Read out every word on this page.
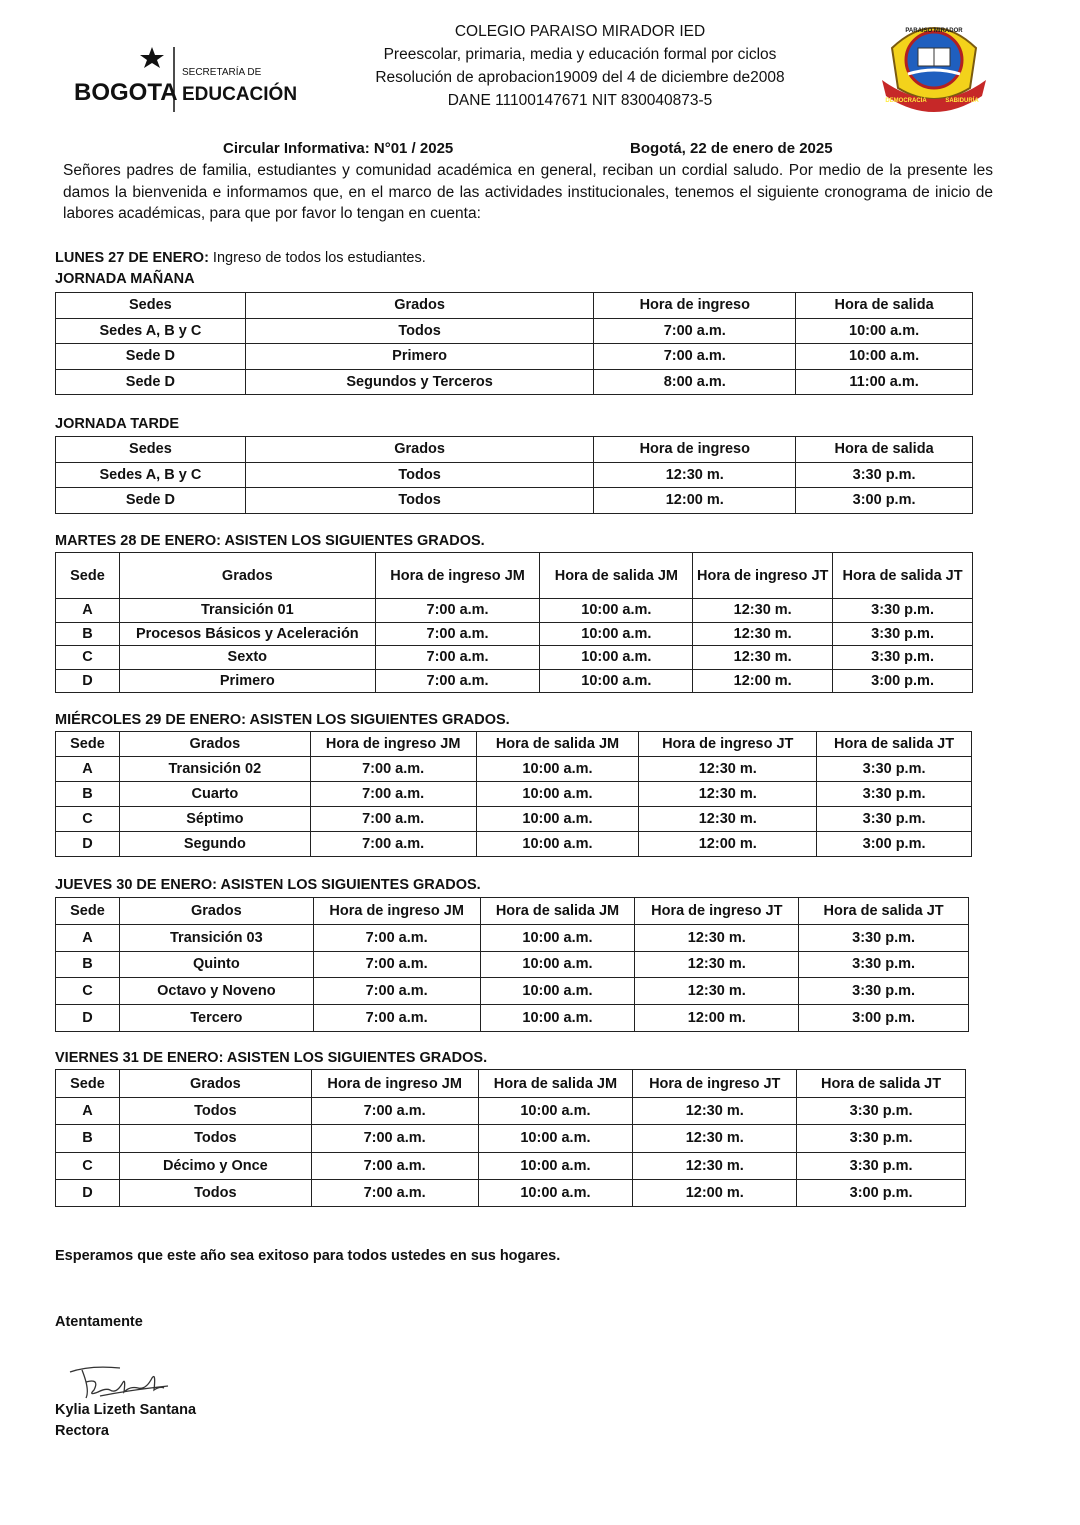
BOGOTA
SECRETARÍA DE
EDUCACIÓN
COLEGIO PARAISO MIRADOR IED
Preescolar, primaria, media y educación formal por ciclos
Resolución de aprobacion19009 del 4 de diciembre de2008
DANE 11100147671 NIT 830040873-5
PARAISO MIRADOR
DEMOCRACIA	SABIDURÍA
Circular Informativa: N°01 / 2025	Bogotá, 22 de enero de 2025
Señores padres de familia, estudiantes y comunidad académica en general, reciban un cordial saludo. Por medio de la presente les damos la bienvenida e informamos que, en el marco de las actividades institucionales, tenemos el siguiente cronograma de inicio de labores académicas, para que por favor lo tengan en cuenta:
LUNES 27 DE ENERO: Ingreso de todos los estudiantes.
JORNADA MAÑANA
Sedes	Grados	Hora de ingreso	Hora de salida
Sedes A, B y C	Todos	7:00 a.m.	10:00 a.m.
Sede D	Primero	7:00 a.m.	10:00 a.m.
Sede D	Segundos y Terceros	8:00 a.m.	11:00 a.m.
JORNADA TARDE
Sedes	Grados	Hora de ingreso	Hora de salida
Sedes A, B y C	Todos	12:30 m.	3:30 p.m.
Sede D	Todos	12:00 m.	3:00 p.m.
MARTES 28 DE ENERO: ASISTEN LOS SIGUIENTES GRADOS.
Sede	Grados	Hora de ingreso JM	Hora de salida JM	Hora de ingreso JT	Hora de salida JT
A	Transición 01	7:00 a.m.	10:00 a.m.	12:30 m.	3:30 p.m.
B	Procesos Básicos y Aceleración	7:00 a.m.	10:00 a.m.	12:30 m.	3:30 p.m.
C	Sexto	7:00 a.m.	10:00 a.m.	12:30 m.	3:30 p.m.
D	Primero	7:00 a.m.	10:00 a.m.	12:00 m.	3:00 p.m.
MIÉRCOLES 29 DE ENERO: ASISTEN LOS SIGUIENTES GRADOS.
Sede	Grados	Hora de ingreso JM	Hora de salida JM	Hora de ingreso JT	Hora de salida JT
A	Transición 02	7:00 a.m.	10:00 a.m.	12:30 m.	3:30 p.m.
B	Cuarto	7:00 a.m.	10:00 a.m.	12:30 m.	3:30 p.m.
C	Séptimo	7:00 a.m.	10:00 a.m.	12:30 m.	3:30 p.m.
D	Segundo	7:00 a.m.	10:00 a.m.	12:00 m.	3:00 p.m.
JUEVES 30 DE ENERO: ASISTEN LOS SIGUIENTES GRADOS.
Sede	Grados	Hora de ingreso JM	Hora de salida JM	Hora de ingreso JT	Hora de salida JT
A	Transición 03	7:00 a.m.	10:00 a.m.	12:30 m.	3:30 p.m.
B	Quinto	7:00 a.m.	10:00 a.m.	12:30 m.	3:30 p.m.
C	Octavo y Noveno	7:00 a.m.	10:00 a.m.	12:30 m.	3:30 p.m.
D	Tercero	7:00 a.m.	10:00 a.m.	12:00 m.	3:00 p.m.
VIERNES 31 DE ENERO: ASISTEN LOS SIGUIENTES GRADOS.
Sede	Grados	Hora de ingreso JM	Hora de salida JM	Hora de ingreso JT	Hora de salida JT
A	Todos	7:00 a.m.	10:00 a.m.	12:30 m.	3:30 p.m.
B	Todos	7:00 a.m.	10:00 a.m.	12:30 m.	3:30 p.m.
C	Décimo y Once	7:00 a.m.	10:00 a.m.	12:30 m.	3:30 p.m.
D	Todos	7:00 a.m.	10:00 a.m.	12:00 m.	3:00 p.m.
Esperamos que este año sea exitoso para todos ustedes en sus hogares.
Atentamente
Kylia Lizeth Santana
Rectora
